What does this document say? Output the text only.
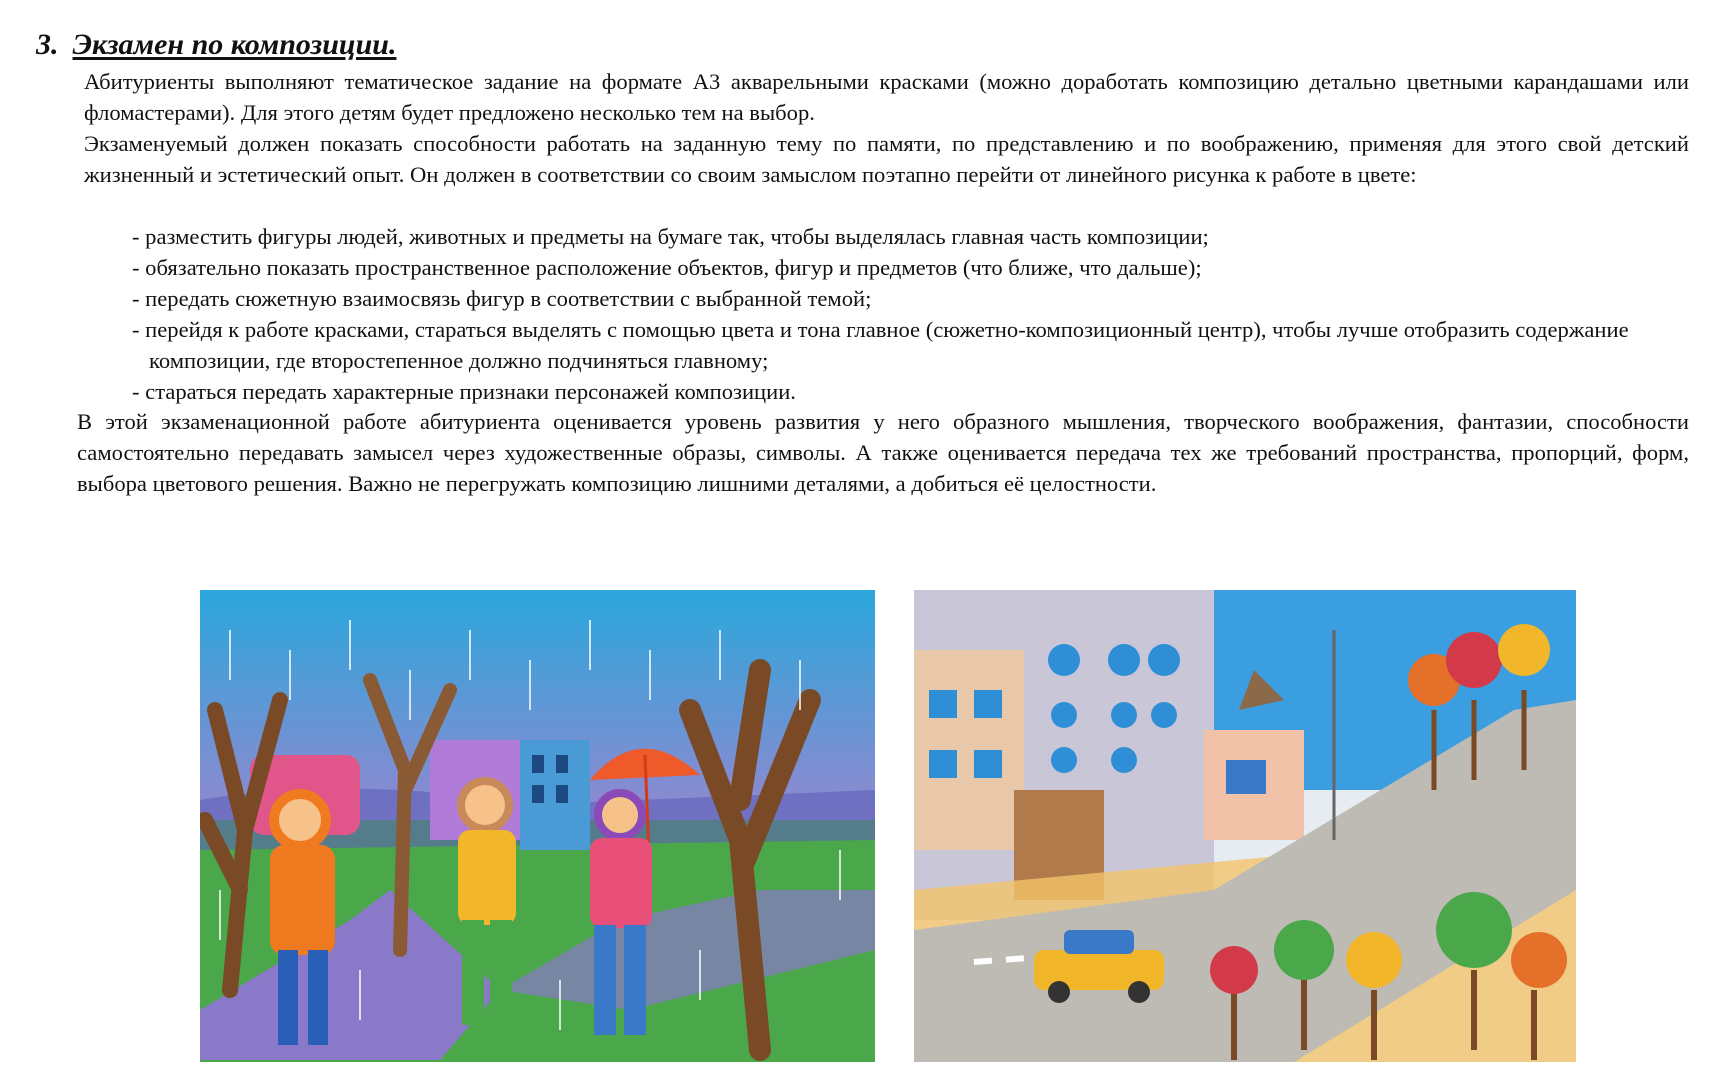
3. Экзамен по композиции.

Абитуриенты выполняют тематическое задание на формате А3 акварельными красками (можно доработать композицию детально цветными карандашами или фломастерами). Для этого детям будет предложено несколько тем на выбор.

Экзаменуемый должен показать способности работать на заданную тему по памяти, по представлению и по воображению, применяя для этого свой детский жизненный и эстетический опыт. Он должен в соответствии со своим замыслом поэтапно перейти от линейного рисунка к работе в цвете:

- разместить фигуры людей, животных и предметы на бумаге так, чтобы выделялась главная часть композиции;
- обязательно показать пространственное расположение объектов, фигур и предметов (что ближе, что дальше);
- передать сюжетную взаимосвязь фигур в соответствии с выбранной темой;
- перейдя к работе красками, стараться выделять с помощью цвета и тона главное (сюжетно-композиционный центр), чтобы лучше отобразить содержание композиции, где второстепенное должно подчиняться главному;
- стараться передать характерные признаки персонажей композиции.

В этой экзаменационной работе абитуриента оценивается уровень развития у него образного мышления, творческого воображения, фантазии, способности самостоятельно передавать замысел через художественные образы, символы. А также оценивается передача тех же требований пространства, пропорций, форм, выбора цветового решения. Важно не перегружать композицию лишними деталями, а добиться её целостности.
